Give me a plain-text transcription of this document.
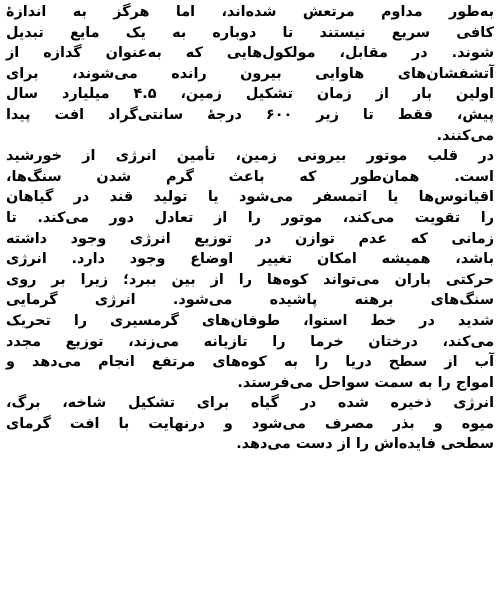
به‌طور مداوم مرتعش شده‌اند، اما هرگز به اندازهٔ
کافی سریع نیستند تا دوباره به یک مایع تبدیل
شوند. در مقابل، مولکول‌هایی که به‌عنوان گدازه از
آتشفشان‌های هاوایی بیرون رانده می‌شوند، برای
اولین بار از زمان تشکیل زمین، ۴.۵ میلیارد سال
پیش، فقط تا زیر ۶۰۰ درجهٔ سانتی‌گراد افت پیدا
می‌کنند.

در قلب موتور بیرونی زمین، تأمین انرژی از خورشید
است. همان‌طور که باعث گرم شدن سنگ‌ها،
اقیانوس‌ها یا اتمسفر می‌شود یا تولید قند در گیاهان
را تقویت می‌کند، موتور را از تعادل دور می‌کند. تا
زمانی که عدم توازن در توزیع انرژی وجود داشته
باشد، همیشه امکان تغییر اوضاع وجود دارد. انرژی
حرکتی باران می‌تواند کوه‌ها را از بین ببرد؛ زیرا بر روی
سنگ‌های برهنه پاشیده می‌شود. انرژی گرمایی
شدید در خط استوا، طوفان‌های گرمسیری را تحریک
می‌کند، درختان خرما را تازیانه می‌زند، توزیع مجدد
آب از سطح دریا را به کوه‌های مرتفع انجام می‌دهد و
امواج را به سمت سواحل می‌فرستد.

انرژی ذخیره شده در گیاه برای تشکیل شاخه، برگ،
میوه و بذر مصرف می‌شود و درنهایت با افت گرمای
سطحی فایده‌اش را از دست می‌دهد.
